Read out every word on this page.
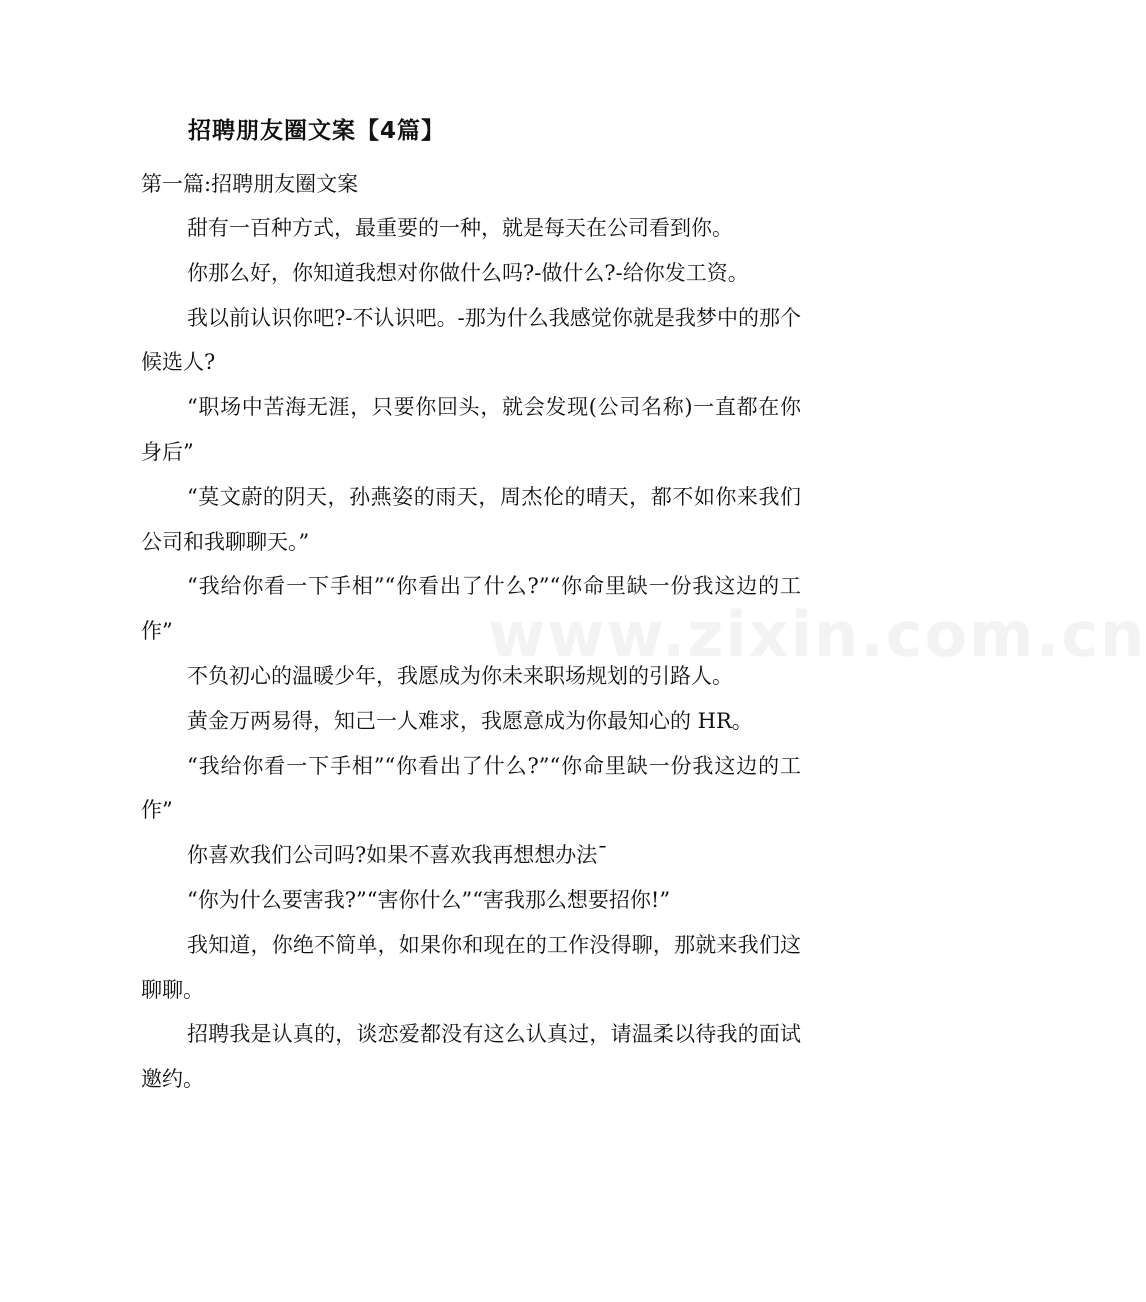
www.zixin.com.cn
招聘朋友圈文案【4篇】
第一篇:招聘朋友圈文案

甜有一百种方式，最重要的一种，就是每天在公司看到你。

你那么好，你知道我想对你做什么吗?-做什么?-给你发工资。

我以前认识你吧?-不认识吧。-那为什么我感觉你就是我梦中的那个候选人?

“职场中苦海无涯，只要你回头，就会发现(公司名称)一直都在你身后”

“莫文蔚的阴天，孙燕姿的雨天，周杰伦的晴天，都不如你来我们公司和我聊聊天。”

“我给你看一下手相”“你看出了什么?”“你命里缺一份我这边的工作”

不负初心的温暖少年，我愿成为你未来职场规划的引路人。

黄金万两易得，知己一人难求，我愿意成为你最知心的 HR。

“我给你看一下手相”“你看出了什么?”“你命里缺一份我这边的工作”

你喜欢我们公司吗?如果不喜欢我再想想办法¯

“你为什么要害我?”“害你什么”“害我那么想要招你!”

我知道，你绝不简单，如果你和现在的工作没得聊，那就来我们这聊聊。

招聘我是认真的，谈恋爱都没有这么认真过，请温柔以待我的面试邀约。
